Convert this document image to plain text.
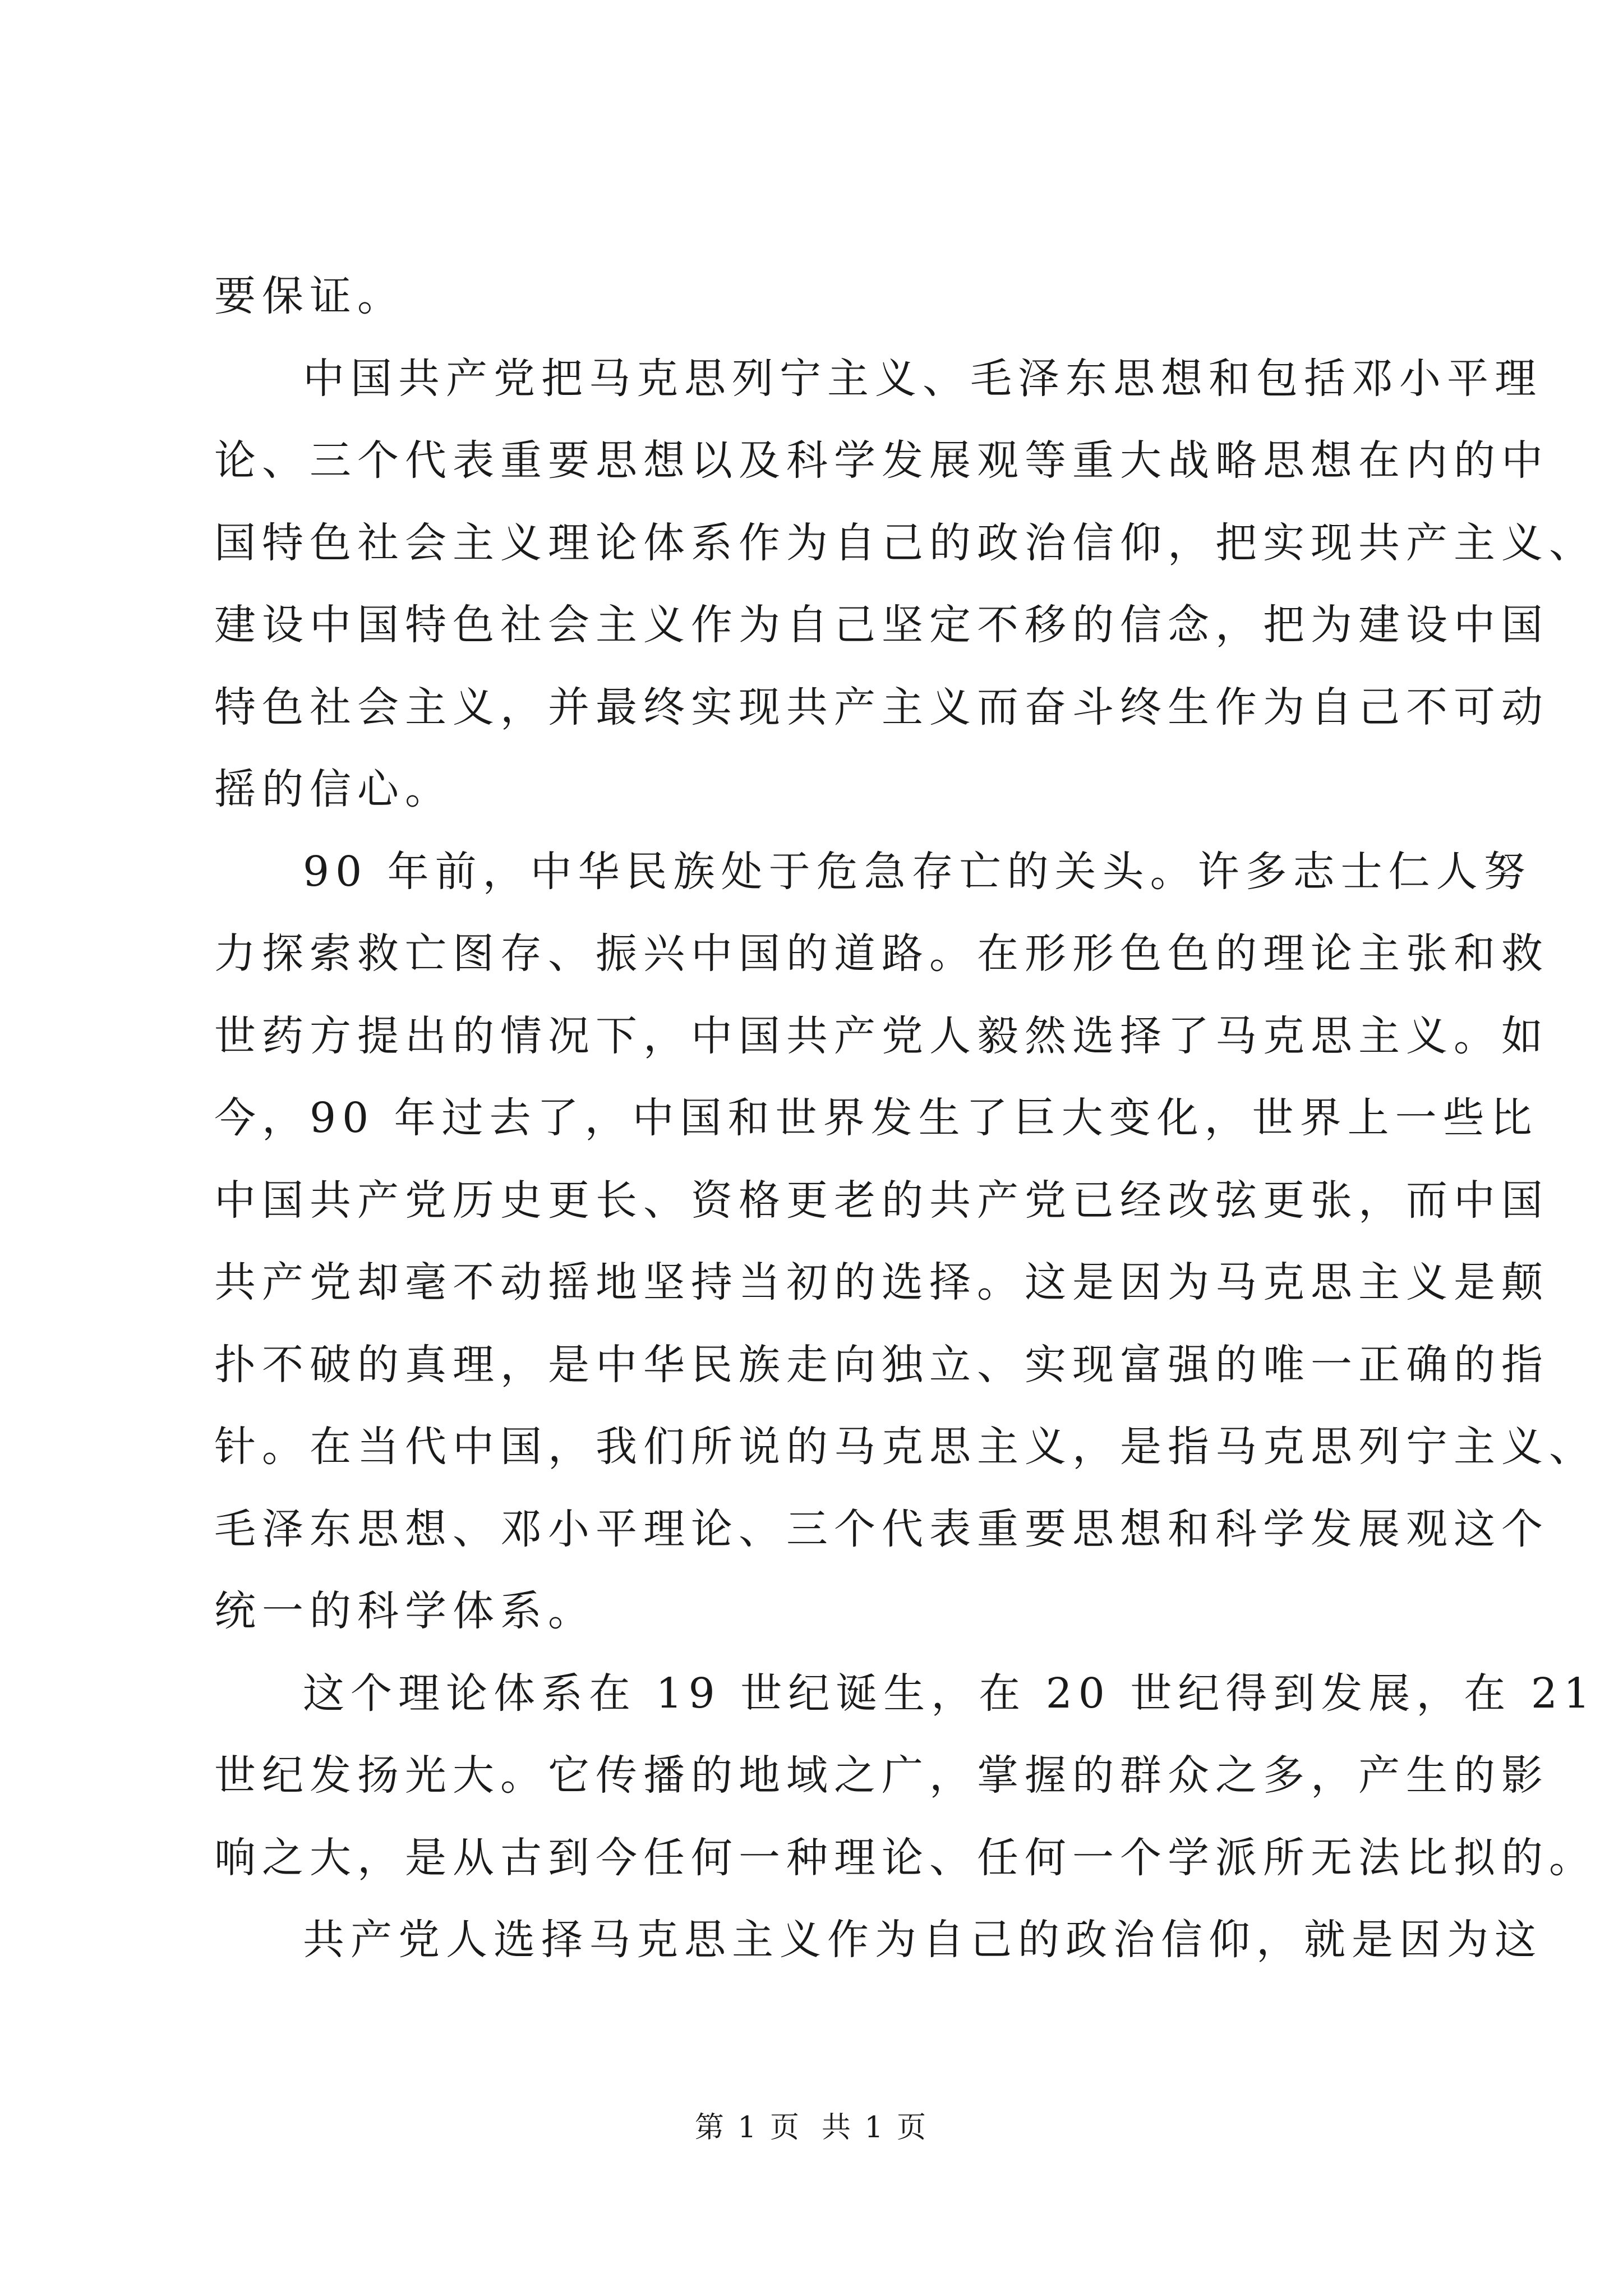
要保证。
中国共产党把马克思列宁主义、毛泽东思想和包括邓小平理
论、三个代表重要思想以及科学发展观等重大战略思想在内的中
国特色社会主义理论体系作为自己的政治信仰，把实现共产主义、
建设中国特色社会主义作为自己坚定不移的信念，把为建设中国
特色社会主义，并最终实现共产主义而奋斗终生作为自己不可动
摇的信心。
90 年前，中华民族处于危急存亡的关头。许多志士仁人努
力探索救亡图存、振兴中国的道路。在形形色色的理论主张和救
世药方提出的情况下，中国共产党人毅然选择了马克思主义。如
今，90 年过去了，中国和世界发生了巨大变化，世界上一些比
中国共产党历史更长、资格更老的共产党已经改弦更张，而中国
共产党却毫不动摇地坚持当初的选择。这是因为马克思主义是颠
扑不破的真理，是中华民族走向独立、实现富强的唯一正确的指
针。在当代中国，我们所说的马克思主义，是指马克思列宁主义、
毛泽东思想、邓小平理论、三个代表重要思想和科学发展观这个
统一的科学体系。
这个理论体系在 19 世纪诞生，在 20 世纪得到发展，在 21
世纪发扬光大。它传播的地域之广，掌握的群众之多，产生的影
响之大，是从古到今任何一种理论、任何一个学派所无法比拟的。
共产党人选择马克思主义作为自己的政治信仰，就是因为这
第 1 页 共 1 页
